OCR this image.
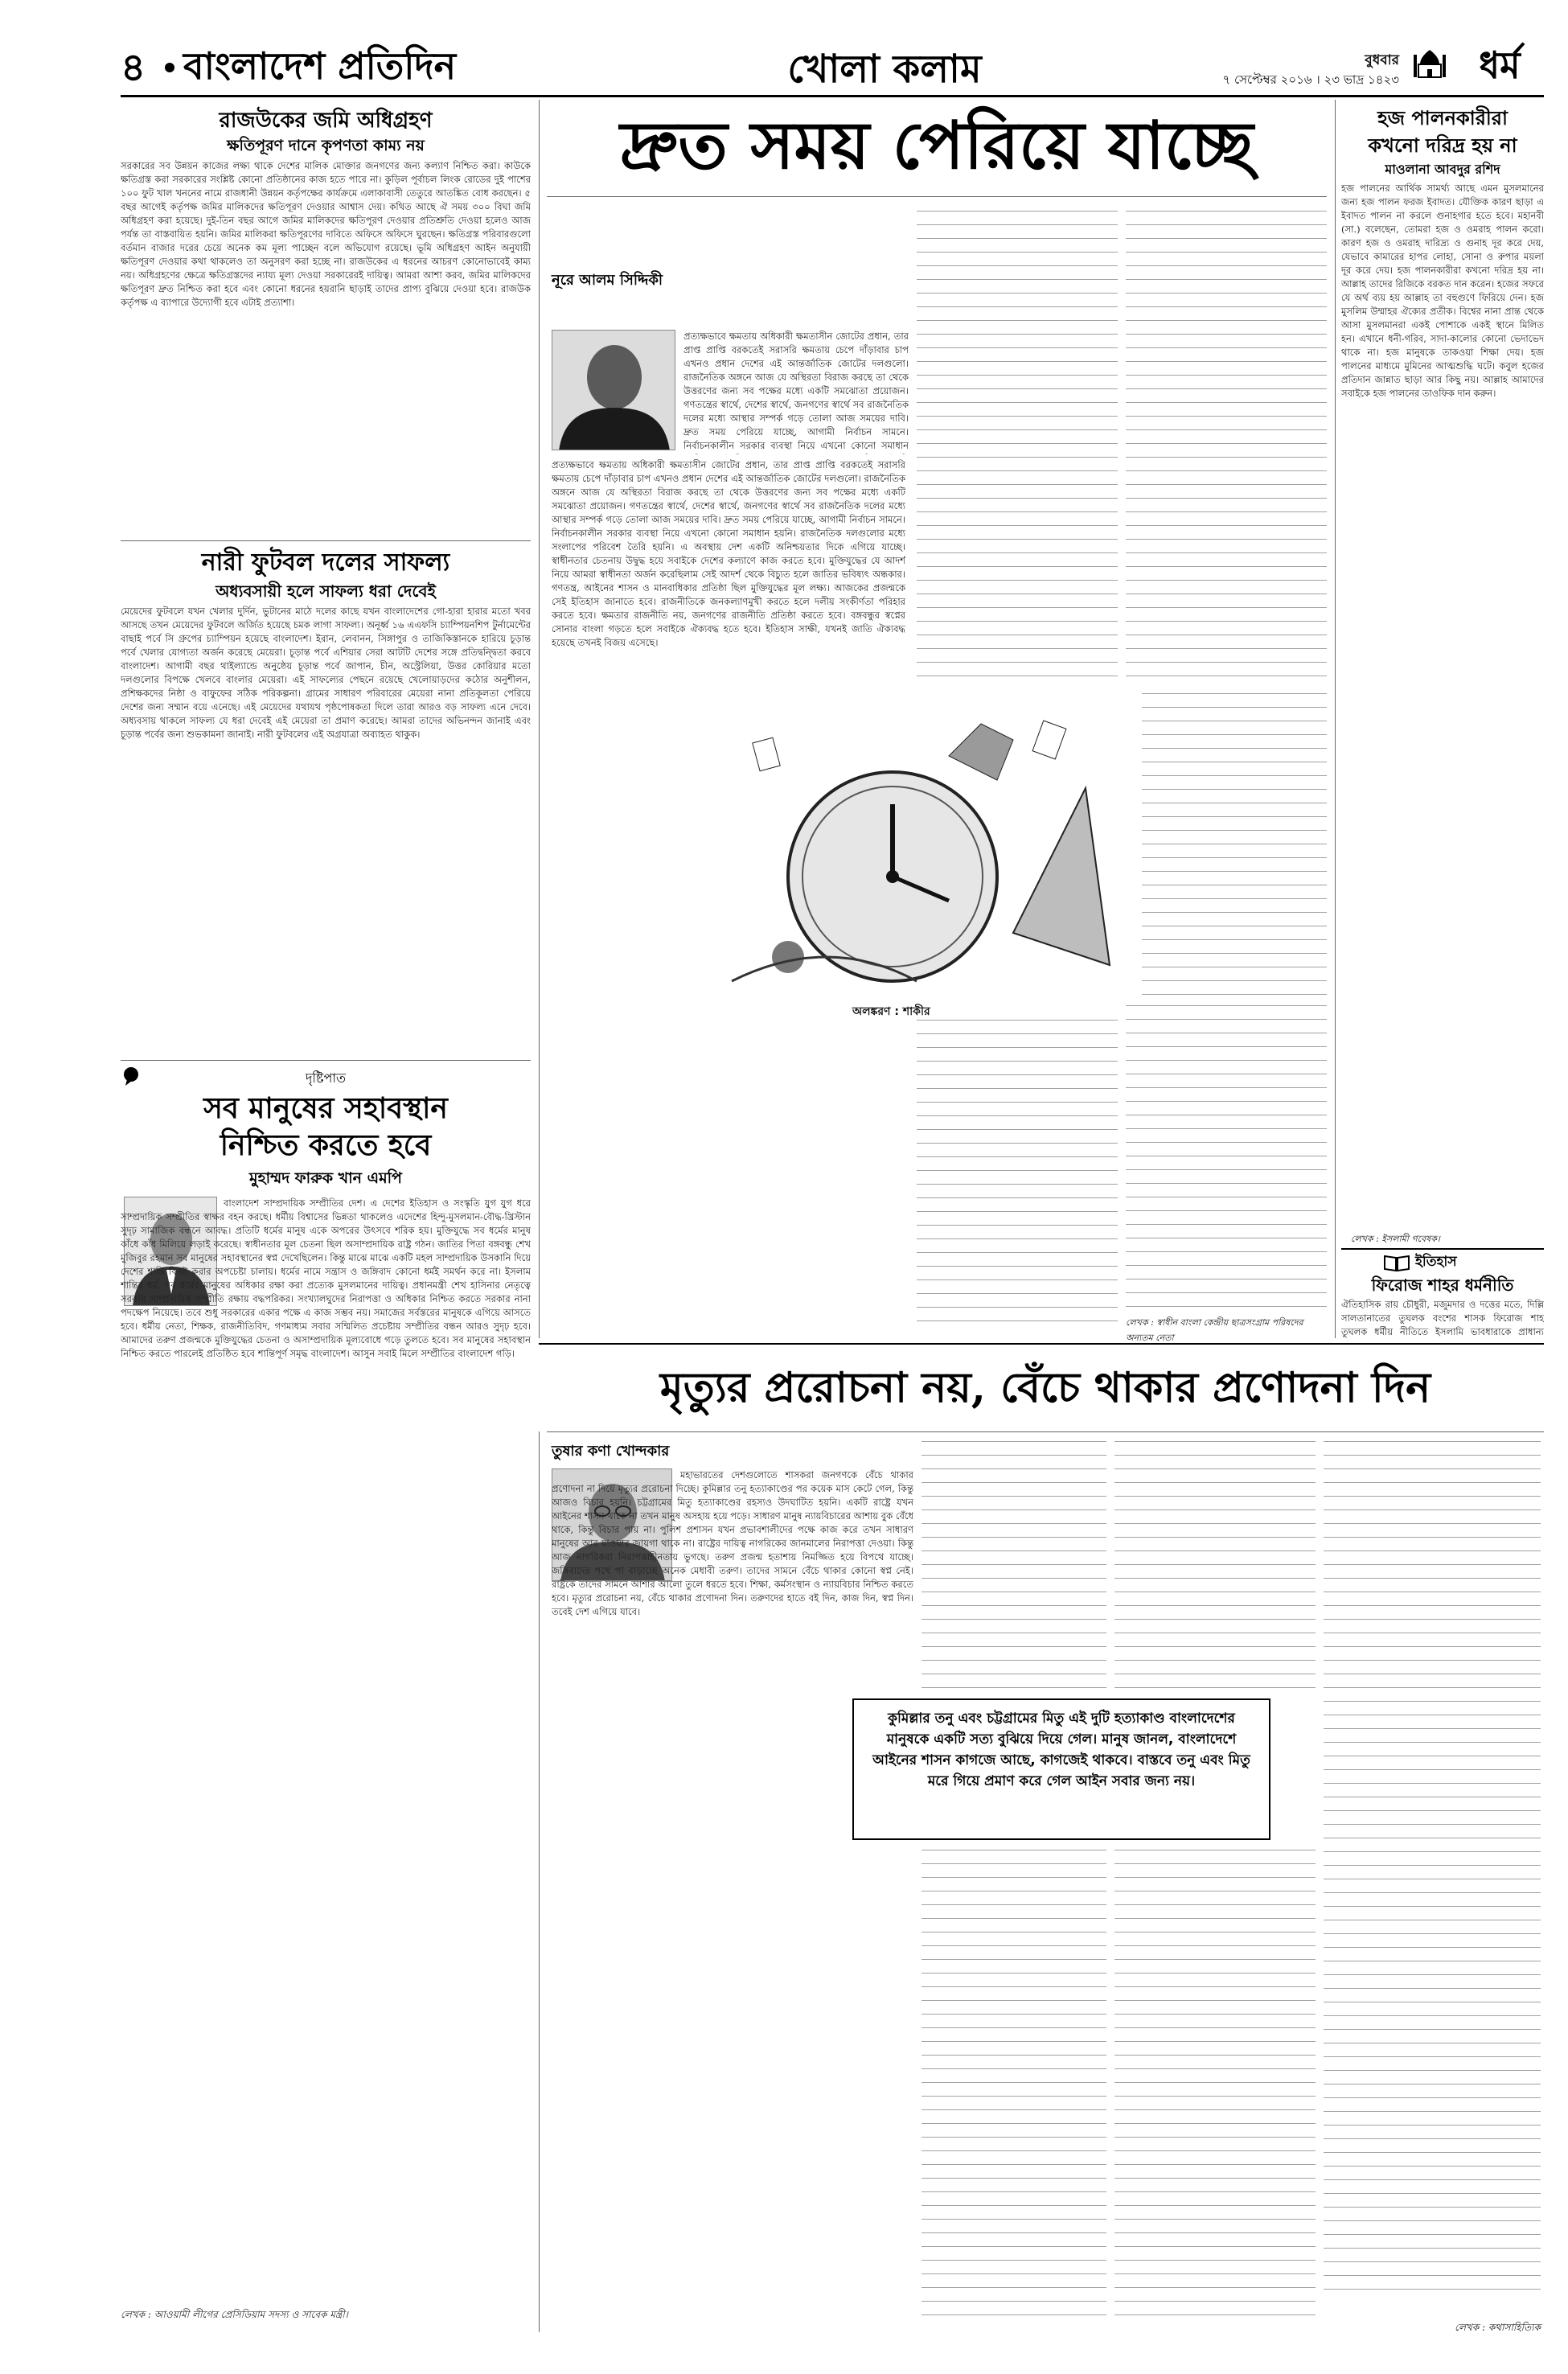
৪ বাংলাদেশ প্রতিদিন	খোলা কলাম	বুধবার
৭ সেপ্টেম্বর ২০১৬ । ২৩ ভাদ্র ১৪২৩	ধর্ম
রাজউকের জমি অধিগ্রহণ
ক্ষতিপূরণ দানে কৃপণতা কাম্য নয়
সরকারের সব উন্নয়ন কাজের লক্ষ্য থাকে দেশের মালিক মোক্তার জনগণের জন্য কল্যাণ নিশ্চিত করা। কাউকে ক্ষতিগ্রস্ত করা সরকারের সংশ্লিষ্ট কোনো প্রতিষ্ঠানের কাজ হতে পারে না। কুড়িল পূর্বাচল লিংক রোডের দুই পাশের ১০০ ফুট খাল খননের নামে রাজধানী উন্নয়ন কর্তৃপক্ষের কার্যক্রমে এলাকাবাসী তেতুরে আতঙ্কিত বোধ করছেন। ৫ বছর আগেই কর্তৃপক্ষ জমির মালিকদের ক্ষতিপূরণ দেওয়ার আশ্বাস দেয়। কথিত আছে ঐ সময় ৩০০ বিঘা জমি অধিগ্রহণ করা হয়েছে। দুই-তিন বছর আগে জমির মালিকদের ক্ষতিপূরণ দেওয়ার প্রতিশ্রুতি দেওয়া হলেও আজ পর্যন্ত তা বাস্তবায়িত হয়নি। জমির মালিকরা ক্ষতিপূরণের দাবিতে অফিসে অফিসে ঘুরছেন। ক্ষতিগ্রস্ত পরিবারগুলো বর্তমান বাজার দরের চেয়ে অনেক কম মূল্য পাচ্ছেন বলে অভিযোগ রয়েছে। ভূমি অধিগ্রহণ আইন অনুযায়ী ক্ষতিপূরণ দেওয়ার কথা থাকলেও তা অনুসরণ করা হচ্ছে না। রাজউকের এ ধরনের আচরণ কোনোভাবেই কাম্য নয়। অধিগ্রহণের ক্ষেত্রে ক্ষতিগ্রস্তদের ন্যায্য মূল্য দেওয়া সরকারেরই দায়িত্ব। আমরা আশা করব, জমির মালিকদের ক্ষতিপূরণ দ্রুত নিশ্চিত করা হবে এবং কোনো ধরনের হয়রানি ছাড়াই তাদের প্রাপ্য বুঝিয়ে দেওয়া হবে। রাজউক কর্তৃপক্ষ এ ব্যাপারে উদ্যোগী হবে এটাই প্রত্যাশা।
নারী ফুটবল দলের সাফল্য
অধ্যবসায়ী হলে সাফল্য ধরা দেবেই
মেয়েদের ফুটবলে যখন খেলার দুর্দিন, ভুটানের মাঠে দলের কাছে যখন বাংলাদেশের গো-হারা হারার মতো খবর আসছে তখন মেয়েদের ফুটবলে অর্জিত হয়েছে চমক লাগা সাফল্য। অনূর্ধ্ব ১৬ এএফসি চ্যাম্পিয়নশিপ টুর্নামেন্টের বাছাই পর্বে সি গ্রুপের চ্যাম্পিয়ন হয়েছে বাংলাদেশ। ইরান, লেবানন, সিঙ্গাপুর ও তাজিকিস্তানকে হারিয়ে চূড়ান্ত পর্বে খেলার যোগ্যতা অর্জন করেছে মেয়েরা। চূড়ান্ত পর্বে এশিয়ার সেরা আটটি দেশের সঙ্গে প্রতিদ্বন্দ্বিতা করবে বাংলাদেশ। আগামী বছর থাইল্যান্ডে অনুষ্ঠেয় চূড়ান্ত পর্বে জাপান, চীন, অস্ট্রেলিয়া, উত্তর কোরিয়ার মতো দলগুলোর বিপক্ষে খেলবে বাংলার মেয়েরা। এই সাফল্যের পেছনে রয়েছে খেলোয়াড়দের কঠোর অনুশীলন, প্রশিক্ষকদের নিষ্ঠা ও বাফুফের সঠিক পরিকল্পনা। গ্রামের সাধারণ পরিবারের মেয়েরা নানা প্রতিকূলতা পেরিয়ে দেশের জন্য সম্মান বয়ে এনেছে। এই মেয়েদের যথাযথ পৃষ্ঠপোষকতা দিলে তারা আরও বড় সাফল্য এনে দেবে। অধ্যবসায় থাকলে সাফল্য যে ধরা দেবেই এই মেয়েরা তা প্রমাণ করেছে। আমরা তাদের অভিনন্দন জানাই এবং চূড়ান্ত পর্বের জন্য শুভকামনা জানাই। নারী ফুটবলের এই অগ্রযাত্রা অব্যাহত থাকুক।
দৃষ্টিপাত
সব মানুষের সহাবস্থান
নিশ্চিত করতে হবে
মুহাম্মদ ফারুক খান এমপি
বাংলাদেশ সাম্প্রদায়িক সম্প্রীতির দেশ। এ দেশের ইতিহাস ও সংস্কৃতি যুগ যুগ ধরে সাম্প্রদায়িক সম্প্রীতির স্বাক্ষর বহন করছে। ধর্মীয় বিশ্বাসের ভিন্নতা থাকলেও এদেশের হিন্দু-মুসলমান-বৌদ্ধ-খ্রিস্টান সুদৃঢ় সামাজিক বন্ধনে আবদ্ধ। প্রতিটি ধর্মের মানুষ একে অপরের উৎসবে শরিক হয়। মুক্তিযুদ্ধে সব ধর্মের মানুষ কাঁধে কাঁধ মিলিয়ে লড়াই করেছে। স্বাধীনতার মূল চেতনা ছিল অসাম্প্রদায়িক রাষ্ট্র গঠন। জাতির পিতা বঙ্গবন্ধু শেখ মুজিবুর রহমান সব মানুষের সহাবস্থানের স্বপ্ন দেখেছিলেন। কিন্তু মাঝে মাঝে একটি মহল সাম্প্রদায়িক উসকানি দিয়ে দেশের শান্তি বিনষ্ট করার অপচেষ্টা চালায়। ধর্মের নামে সন্ত্রাস ও জঙ্গিবাদ কোনো ধর্মই সমর্থন করে না। ইসলাম শান্তির ধর্ম, সব ধর্মের মানুষের অধিকার রক্ষা করা প্রত্যেক মুসলমানের দায়িত্ব। প্রধানমন্ত্রী শেখ হাসিনার নেতৃত্বে সরকার সাম্প্রদায়িক সম্প্রীতি রক্ষায় বদ্ধপরিকর। সংখ্যালঘুদের নিরাপত্তা ও অধিকার নিশ্চিত করতে সরকার নানা পদক্ষেপ নিয়েছে। তবে শুধু সরকারের একার পক্ষে এ কাজ সম্ভব নয়। সমাজের সর্বস্তরের মানুষকে এগিয়ে আসতে হবে। ধর্মীয় নেতা, শিক্ষক, রাজনীতিবিদ, গণমাধ্যম সবার সম্মিলিত প্রচেষ্টায় সম্প্রীতির বন্ধন আরও সুদৃঢ় হবে। আমাদের তরুণ প্রজন্মকে মুক্তিযুদ্ধের চেতনা ও অসাম্প্রদায়িক মূল্যবোধে গড়ে তুলতে হবে। সব মানুষের সহাবস্থান নিশ্চিত করতে পারলেই প্রতিষ্ঠিত হবে শান্তিপূর্ণ সমৃদ্ধ বাংলাদেশ। আসুন সবাই মিলে সম্প্রীতির বাংলাদেশ গড়ি।
লেখক : আওয়ামী লীগের প্রেসিডিয়াম সদস্য ও সাবেক মন্ত্রী।
দ্রুত সময় পেরিয়ে যাচ্ছে
নূরে আলম সিদ্দিকী
প্রত্যক্ষভাবে ক্ষমতায় অধিকারী ক্ষমতাসীন জোটের প্রধান, তার প্রাপ্ত প্রাপ্তি বরকতেই সরাসরি ক্ষমতায় চেপে দাঁড়াবার চাপ এখনও প্রধান দেশের এই আন্তর্জাতিক জোটের দলগুলো। রাজনৈতিক অঙ্গনে আজ যে অস্থিরতা বিরাজ করছে তা থেকে উত্তরণের জন্য সব পক্ষের মধ্যে একটি সমঝোতা প্রয়োজন। গণতন্ত্রের স্বার্থে, দেশের স্বার্থে, জনগণের স্বার্থে সব রাজনৈতিক দলের মধ্যে আস্থার সম্পর্ক গড়ে তোলা আজ সময়ের দাবি। দ্রুত সময় পেরিয়ে যাচ্ছে, আগামী নির্বাচন সামনে। নির্বাচনকালীন সরকার ব্যবস্থা নিয়ে এখনো কোনো সমাধান হয়নি। রাজনৈতিক দলগুলোর মধ্যে সংলাপের পরিবেশ তৈরি হয়নি। এ অবস্থায় দেশ একটি অনিশ্চয়তার দিকে এগিয়ে যাচ্ছে। স্বাধীনতার চেতনায় উদ্বুদ্ধ হয়ে সবাইকে দেশের কল্যাণে কাজ করতে হবে। মুক্তিযুদ্ধের যে আদর্শ নিয়ে আমরা স্বাধীনতা অর্জন করেছিলাম সেই আদর্শ থেকে বিচ্যুত হলে জাতির ভবিষ্যৎ অন্ধকার। গণতন্ত্র, আইনের শাসন ও মানবাধিকার প্রতিষ্ঠা ছিল মুক্তিযুদ্ধের মূল লক্ষ্য। আজকের প্রজন্মকে সেই ইতিহাস জানাতে হবে। রাজনীতিকে জনকল্যাণমুখী করতে হলে দলীয় সংকীর্ণতা পরিহার করতে হবে। ক্ষমতার রাজনীতি নয়, জনগণের রাজনীতি প্রতিষ্ঠা করতে হবে। বঙ্গবন্ধুর স্বপ্নের সোনার বাংলা গড়তে হলে সবাইকে ঐক্যবদ্ধ হতে হবে। ইতিহাস সাক্ষী, যখনই জাতি ঐক্যবদ্ধ হয়েছে তখনই বিজয় এসেছে।
প্রত্যক্ষভাবে ক্ষমতায় অধিকারী ক্ষমতাসীন জোটের প্রধান, তার প্রাপ্ত প্রাপ্তি বরকতেই সরাসরি ক্ষমতায় চেপে দাঁড়াবার চাপ এখনও প্রধান দেশের এই আন্তর্জাতিক জোটের দলগুলো। রাজনৈতিক অঙ্গনে আজ যে অস্থিরতা বিরাজ করছে তা থেকে উত্তরণের জন্য সব পক্ষের মধ্যে একটি সমঝোতা প্রয়োজন। গণতন্ত্রের স্বার্থে, দেশের স্বার্থে, জনগণের স্বার্থে সব রাজনৈতিক দলের মধ্যে আস্থার সম্পর্ক গড়ে তোলা আজ সময়ের দাবি। দ্রুত সময় পেরিয়ে যাচ্ছে, আগামী নির্বাচন সামনে। নির্বাচনকালীন সরকার ব্যবস্থা নিয়ে এখনো কোনো সমাধান
অলঙ্করণ : শাকীর
লেখক : স্বাধীন বাংলা কেন্দ্রীয় ছাত্রসংগ্রাম পরিষদের অন্যতম নেতা
হজ পালনকারীরা
কখনো দরিদ্র হয় না
মাওলানা আবদুর রশিদ
হজ পালনের আর্থিক সামর্থ্য আছে এমন মুসলমানের জন্য হজ পালন ফরজ ইবাদত। যৌক্তিক কারণ ছাড়া এ ইবাদত পালন না করলে গুনাহগার হতে হবে। মহানবী (সা.) বলেছেন, তোমরা হজ ও ওমরাহ পালন করো। কারণ হজ ও ওমরাহ দারিদ্র্য ও গুনাহ দূর করে দেয়, যেভাবে কামারের হাপর লোহা, সোনা ও রুপার ময়লা দূর করে দেয়। হজ পালনকারীরা কখনো দরিদ্র হয় না। আল্লাহ তাদের রিজিকে বরকত দান করেন। হজের সফরে যে অর্থ ব্যয় হয় আল্লাহ তা বহুগুণে ফিরিয়ে দেন। হজ মুসলিম উম্মাহর ঐক্যের প্রতীক। বিশ্বের নানা প্রান্ত থেকে আসা মুসলমানরা একই পোশাকে একই স্থানে মিলিত হন। এখানে ধনী-গরিব, সাদা-কালোর কোনো ভেদাভেদ থাকে না। হজ মানুষকে তাকওয়া শিক্ষা দেয়। হজ পালনের মাধ্যমে মুমিনের আত্মশুদ্ধি ঘটে। কবুল হজের প্রতিদান জান্নাত ছাড়া আর কিছু নয়। আল্লাহ আমাদের সবাইকে হজ পালনের তাওফিক দান করুন।
লেখক : ইসলামী গবেষক।
ইতিহাস
ফিরোজ শাহর ধর্মনীতি
ঐতিহাসিক রায় চৌধুরী, মজুমদার ও দত্তের মতে, দিল্লি সালতানাতের তুঘলক বংশের শাসক ফিরোজ শাহ তুঘলক ধর্মীয় নীতিতে ইসলামি ভাবধারাকে প্রাধান্য
মৃত্যুর প্ররোচনা নয়, বেঁচে থাকার প্রণোদনা দিন
তুষার কণা খোন্দকার
মহাভারতের দেশগুলোতে শাসকরা জনগণকে বেঁচে থাকার প্রণোদনা না দিয়ে মৃত্যুর প্ররোচনা দিচ্ছে। কুমিল্লার তনু হত্যাকাণ্ডের পর কয়েক মাস কেটে গেল, কিন্তু আজও বিচার হয়নি। চট্টগ্রামের মিতু হত্যাকাণ্ডের রহস্যও উদঘাটিত হয়নি। একটি রাষ্ট্রে যখন আইনের শাসন থাকে না তখন মানুষ অসহায় হয়ে পড়ে। সাধারণ মানুষ ন্যায়বিচারের আশায় বুক বেঁধে থাকে, কিন্তু বিচার পায় না। পুলিশ প্রশাসন যখন প্রভাবশালীদের পক্ষে কাজ করে তখন সাধারণ মানুষের আর যাওয়ার জায়গা থাকে না। রাষ্ট্রের দায়িত্ব নাগরিকের জানমালের নিরাপত্তা দেওয়া। কিন্তু আজ নাগরিকরা নিরাপত্তাহীনতায় ভুগছে। তরুণ প্রজন্ম হতাশায় নিমজ্জিত হয়ে বিপথে যাচ্ছে। জঙ্গিবাদের পথে পা বাড়াচ্ছে অনেক মেধাবী তরুণ। তাদের সামনে বেঁচে থাকার কোনো স্বপ্ন নেই। রাষ্ট্রকে তাদের সামনে আশার আলো তুলে ধরতে হবে। শিক্ষা, কর্মসংস্থান ও ন্যায়বিচার নিশ্চিত করতে হবে। মৃত্যুর প্ররোচনা নয়, বেঁচে থাকার প্রণোদনা দিন। তরুণদের হাতে বই দিন, কাজ দিন, স্বপ্ন দিন। তবেই দেশ এগিয়ে যাবে।
কুমিল্লার তনু এবং চট্টগ্রামের মিতু এই দুটি হত্যাকাণ্ড বাংলাদেশের মানুষকে একটি সত্য বুঝিয়ে দিয়ে গেল। মানুষ জানল, বাংলাদেশে আইনের শাসন কাগজে আছে, কাগজেই থাকবে। বাস্তবে তনু এবং মিতু মরে গিয়ে প্রমাণ করে গেল আইন সবার জন্য নয়।
লেখক : কথাসাহিত্যিক
